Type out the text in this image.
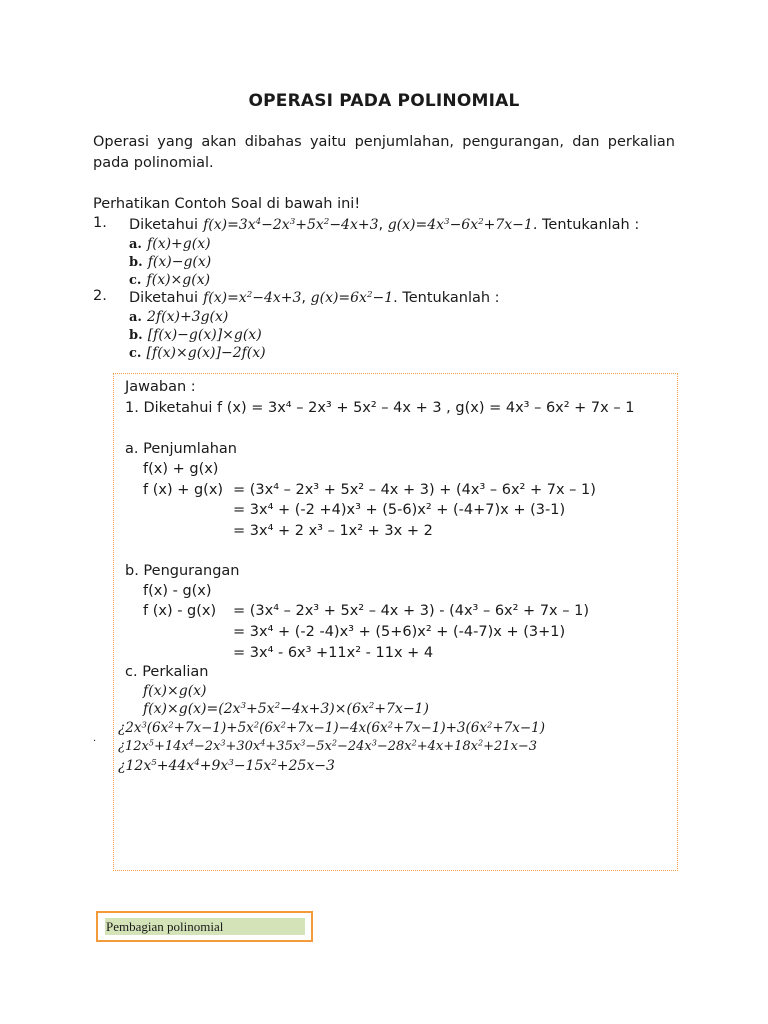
OPERASI PADA POLINOMIAL
Operasi yang akan dibahas yaitu penjumlahan, pengurangan, dan perkalian pada polinomial.
Perhatikan Contoh Soal di bawah ini!
1. Diketahui $f(x)=3x^4-2x^3+5x^2-4x+3$, $g(x)=4x^3-6x^2+7x-1$. Tentukanlah :
a. f(x)+g(x)
b. f(x)−g(x)
c. f(x)×g(x)
2. Diketahui $f(x)=x^2-4x+3$, $g(x)=6x^2-1$. Tentukanlah :
a. 2f(x)+3g(x)
b. [f(x)−g(x)]×g(x)
c. [f(x)×g(x)]−2f(x)
Jawaban :
1. Diketahui f (x) = 3x⁴ – 2x³ + 5x² – 4x + 3 , g(x) = 4x³ – 6x² + 7x – 1
a. Penjumlahan
f(x) + g(x)
f (x) + g(x) = (3x⁴ – 2x³ + 5x² – 4x + 3) + (4x³ – 6x² + 7x – 1)
= 3x⁴ + (-2 +4)x³ + (5-6)x² + (-4+7)x + (3-1)
= 3x⁴ + 2 x³ – 1x² + 3x + 2
b. Pengurangan
f(x) - g(x)
f (x) - g(x) = (3x⁴ – 2x³ + 5x² – 4x + 3) - (4x³ – 6x² + 7x – 1)
= 3x⁴ + (-2 -4)x³ + (5+6)x² + (-4-7)x + (3+1)
= 3x⁴ - 6x³ +11x² - 11x + 4
c. Perkalian
f(x)×g(x)
$f(x)\times g(x)=(2x^3+5x^2-4x+3)\times(6x^2+7x-1)$
¿$2x^3(6x^2+7x-1)+5x^2(6x^2+7x-1)-4x(6x^2+7x-1)+3(6x^2+7x-1)$
¿$12x^5+14x^4-2x^3+30x^4+35x^3-5x^2-24x^3-28x^2+4x+18x^2+21x-3$
¿$12x^5+44x^4+9x^3-15x^2+25x-3$
.
Pembagian polinomial
